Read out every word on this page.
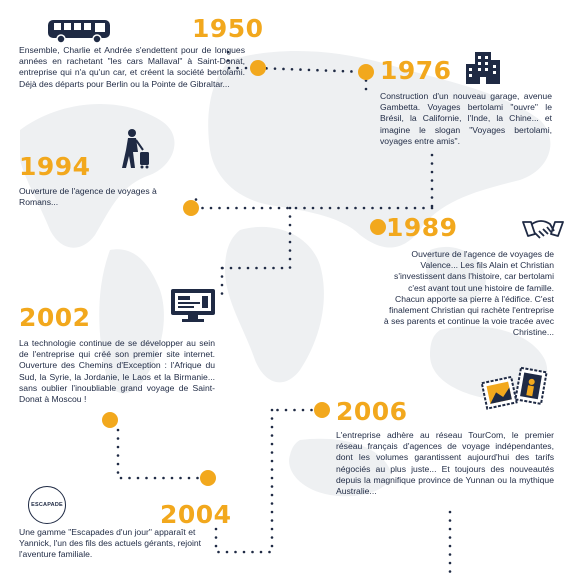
ESCAPADE
1950
Ensemble, Charlie et Andrée s'endettent pour de longues années en rachetant "les cars Mallaval" à Saint-Donat, entreprise qui n'a qu'un car, et créent la société bertolami. Déjà des départs pour Berlin ou la Pointe de Gibraltar...	1976
Construction d'un nouveau garage, avenue Gambetta. Voyages bertolami "ouvre" le Brésil, la Californie, l'Inde, la Chine... et imagine le slogan "Voyages bertolami, voyages entre amis".
1994
Ouverture de l'agence de voyages à Romans...
1989
Ouverture de l'agence de voyages de Valence... Les fils Alain et Christian s'investissent dans l'histoire, car bertolami c'est avant tout une histoire de famille. Chacun apporte sa pierre à l'édifice. C'est finalement Christian qui rachète l'entreprise à ses parents et continue la voie tracée avec Christine...
2002
La technologie continue de se développer au sein de l'entreprise qui créé son premier site internet. Ouverture des Chemins d'Exception : l'Afrique du Sud, la Syrie, la Jordanie, le Laos et la Birmanie... sans oublier l'inoubliable grand voyage de Saint-Donat à Moscou !	2006
L'entreprise adhère au réseau TourCom, le premier réseau français d'agences de voyage indépendantes, dont les volumes garantissent aujourd'hui des tarifs négociés au plus juste... Et toujours des nouveautés depuis la magnifique province de Yunnan ou la mythique Australie...
2004
Une gamme "Escapades d'un jour" apparaît et Yannick, l'un des fils des actuels gérants, rejoint l'aventure familiale.
